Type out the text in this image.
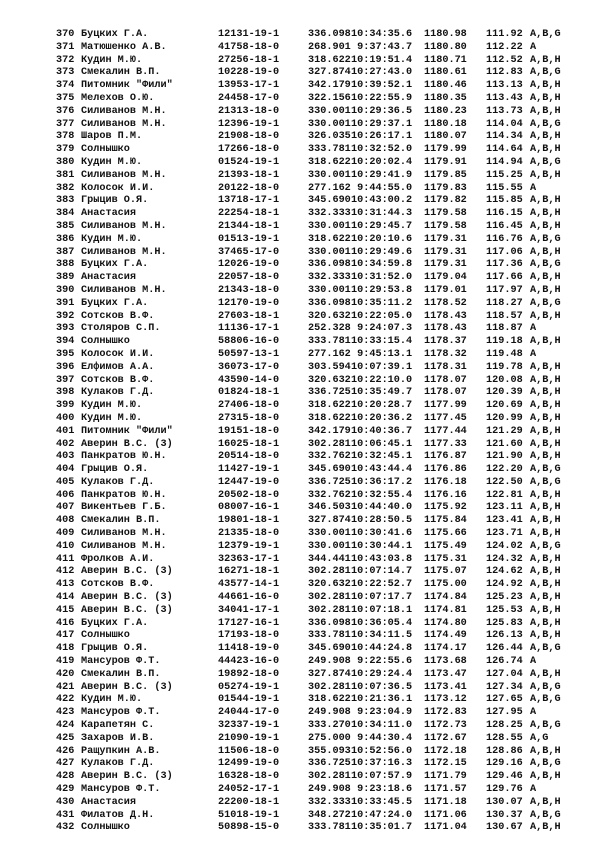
370 Буцких Г.А.	12131-19-1	336.098 10:34:35.6 1180.98 111.92 A,B,G
371 Матюшенко А.В.	41758-18-0	268.901 9:37:43.7 1180.80 112.22 A
372 Кудин М.Ю.	27256-18-1	318.622 10:19:51.4 1180.71 112.52 A,B,H
373 Смекалин В.П.	10228-19-0	327.874 10:27:43.0 1180.61 112.83 A,B,G
374 Питомник "Фили"	13953-17-1	342.179 10:39:52.1 1180.46 113.13 A,B,H
375 Мелехов О.Ю.	24458-17-0	322.156 10:22:55.9 1180.35 113.43 A,B,H
376 Силиванов М.Н.	21313-18-0	330.001 10:29:36.5 1180.23 113.73 A,B,H
377 Силиванов М.Н.	12396-19-1	330.001 10:29:37.1 1180.18 114.04 A,B,G
378 Шаров П.М.	21908-18-0	326.035 10:26:17.1 1180.07 114.34 A,B,H
379 Солнышко	17266-18-0	333.781 10:32:52.0 1179.99 114.64 A,B,H
380 Кудин М.Ю.	01524-19-1	318.622 10:20:02.4 1179.91 114.94 A,B,G
381 Силиванов М.Н.	21393-18-1	330.001 10:29:41.9 1179.85 115.25 A,B,H
382 Колосок И.И.	20122-18-0	277.162 9:44:55.0 1179.83 115.55 A
383 Грыцив О.Я.	13718-17-1	345.690 10:43:00.2 1179.82 115.85 A,B,H
384 Анастасия	22254-18-1	332.333 10:31:44.3 1179.58 116.15 A,B,H
385 Силиванов М.Н.	21344-18-1	330.001 10:29:45.7 1179.58 116.45 A,B,H
386 Кудин М.Ю.	01513-19-1	318.622 10:20:10.6 1179.31 116.76 A,B,G
387 Силиванов М.Н.	37465-17-0	330.001 10:29:49.6 1179.31 117.06 A,B,H
388 Буцких Г.А.	12026-19-0	336.098 10:34:59.8 1179.31 117.36 A,B,G
389 Анастасия	22057-18-0	332.333 10:31:52.0 1179.04 117.66 A,B,H
390 Силиванов М.Н.	21343-18-0	330.001 10:29:53.8 1179.01 117.97 A,B,H
391 Буцких Г.А.	12170-19-0	336.098 10:35:11.2 1178.52 118.27 A,B,G
392 Сотсков В.Ф.	27603-18-1	320.632 10:22:05.0 1178.43 118.57 A,B,H
393 Столяров С.П.	11136-17-1	252.328 9:24:07.3 1178.43 118.87 A
394 Солнышко	58806-16-0	333.781 10:33:15.4 1178.37 119.18 A,B,H
395 Колосок И.И.	50597-13-1	277.162 9:45:13.1 1178.32 119.48 A
396 Елфимов А.А.	36073-17-0	303.594 10:07:39.1 1178.31 119.78 A,B,H
397 Сотсков В.Ф.	43590-14-0	320.632 10:22:10.0 1178.07 120.08 A,B,H
398 Кулаков Г.Д.	01824-18-1	336.725 10:35:49.7 1178.07 120.39 A,B,H
399 Кудин М.Ю.	27406-18-0	318.622 10:20:28.7 1177.99 120.69 A,B,H
400 Кудин М.Ю.	27315-18-0	318.622 10:20:36.2 1177.45 120.99 A,B,H
401 Питомник "Фили"	19151-18-0	342.179 10:40:36.7 1177.44 121.29 A,B,H
402 Аверин В.С. (3)	16025-18-1	302.281 10:06:45.1 1177.33 121.60 A,B,H
403 Панкратов Ю.Н.	20514-18-0	332.762 10:32:45.1 1176.87 121.90 A,B,H
404 Грыцив О.Я.	11427-19-1	345.690 10:43:44.4 1176.86 122.20 A,B,G
405 Кулаков Г.Д.	12447-19-0	336.725 10:36:17.2 1176.18 122.50 A,B,G
406 Панкратов Ю.Н.	20502-18-0	332.762 10:32:55.4 1176.16 122.81 A,B,H
407 Викентьев Г.Б.	08007-16-1	346.503 10:44:40.0 1175.92 123.11 A,B,H
408 Смекалин В.П.	19801-18-1	327.874 10:28:50.5 1175.84 123.41 A,B,H
409 Силиванов М.Н.	21335-18-0	330.001 10:30:41.6 1175.66 123.71 A,B,H
410 Силиванов М.Н.	12379-19-1	330.001 10:30:44.1 1175.49 124.02 A,B,G
411 Фролков А.И.	32363-17-1	344.441 10:43:03.8 1175.31 124.32 A,B,H
412 Аверин В.С. (3)	16271-18-1	302.281 10:07:14.7 1175.07 124.62 A,B,H
413 Сотсков В.Ф.	43577-14-1	320.632 10:22:52.7 1175.00 124.92 A,B,H
414 Аверин В.С. (3)	44661-16-0	302.281 10:07:17.7 1174.84 125.23 A,B,H
415 Аверин В.С. (3)	34041-17-1	302.281 10:07:18.1 1174.81 125.53 A,B,H
416 Буцких Г.А.	17127-16-1	336.098 10:36:05.4 1174.80 125.83 A,B,H
417 Солнышко	17193-18-0	333.781 10:34:11.5 1174.49 126.13 A,B,H
418 Грыцив О.Я.	11418-19-0	345.690 10:44:24.8 1174.17 126.44 A,B,G
419 Мансуров Ф.Т.	44423-16-0	249.908 9:22:55.6 1173.68 126.74 A
420 Смекалин В.П.	19892-18-0	327.874 10:29:24.4 1173.47 127.04 A,B,H
421 Аверин В.С. (3)	05274-19-1	302.281 10:07:36.5 1173.41 127.34 A,B,G
422 Кудин М.Ю.	01544-19-1	318.622 10:21:36.1 1173.12 127.65 A,B,G
423 Мансуров Ф.Т.	24044-17-0	249.908 9:23:04.9 1172.83 127.95 A
424 Карапетян С.	32337-19-1	333.270 10:34:11.0 1172.73 128.25 A,B,G
425 Захаров И.В.	21090-19-1	275.000 9:44:30.4 1172.67 128.55 A,G
426 Ращупкин А.В.	11506-18-0	355.093 10:52:56.0 1172.18 128.86 A,B,H
427 Кулаков Г.Д.	12499-19-0	336.725 10:37:16.3 1172.15 129.16 A,B,G
428 Аверин В.С. (3)	16328-18-0	302.281 10:07:57.9 1171.79 129.46 A,B,H
429 Мансуров Ф.Т.	24052-17-1	249.908 9:23:18.6 1171.57 129.76 A
430 Анастасия	22200-18-1	332.333 10:33:45.5 1171.18 130.07 A,B,H
431 Филатов Д.Н.	51018-19-1	348.272 10:47:24.0 1171.06 130.37 A,B,G
432 Солнышко	50898-15-0	333.781 10:35:01.7 1171.04 130.67 A,B,H
